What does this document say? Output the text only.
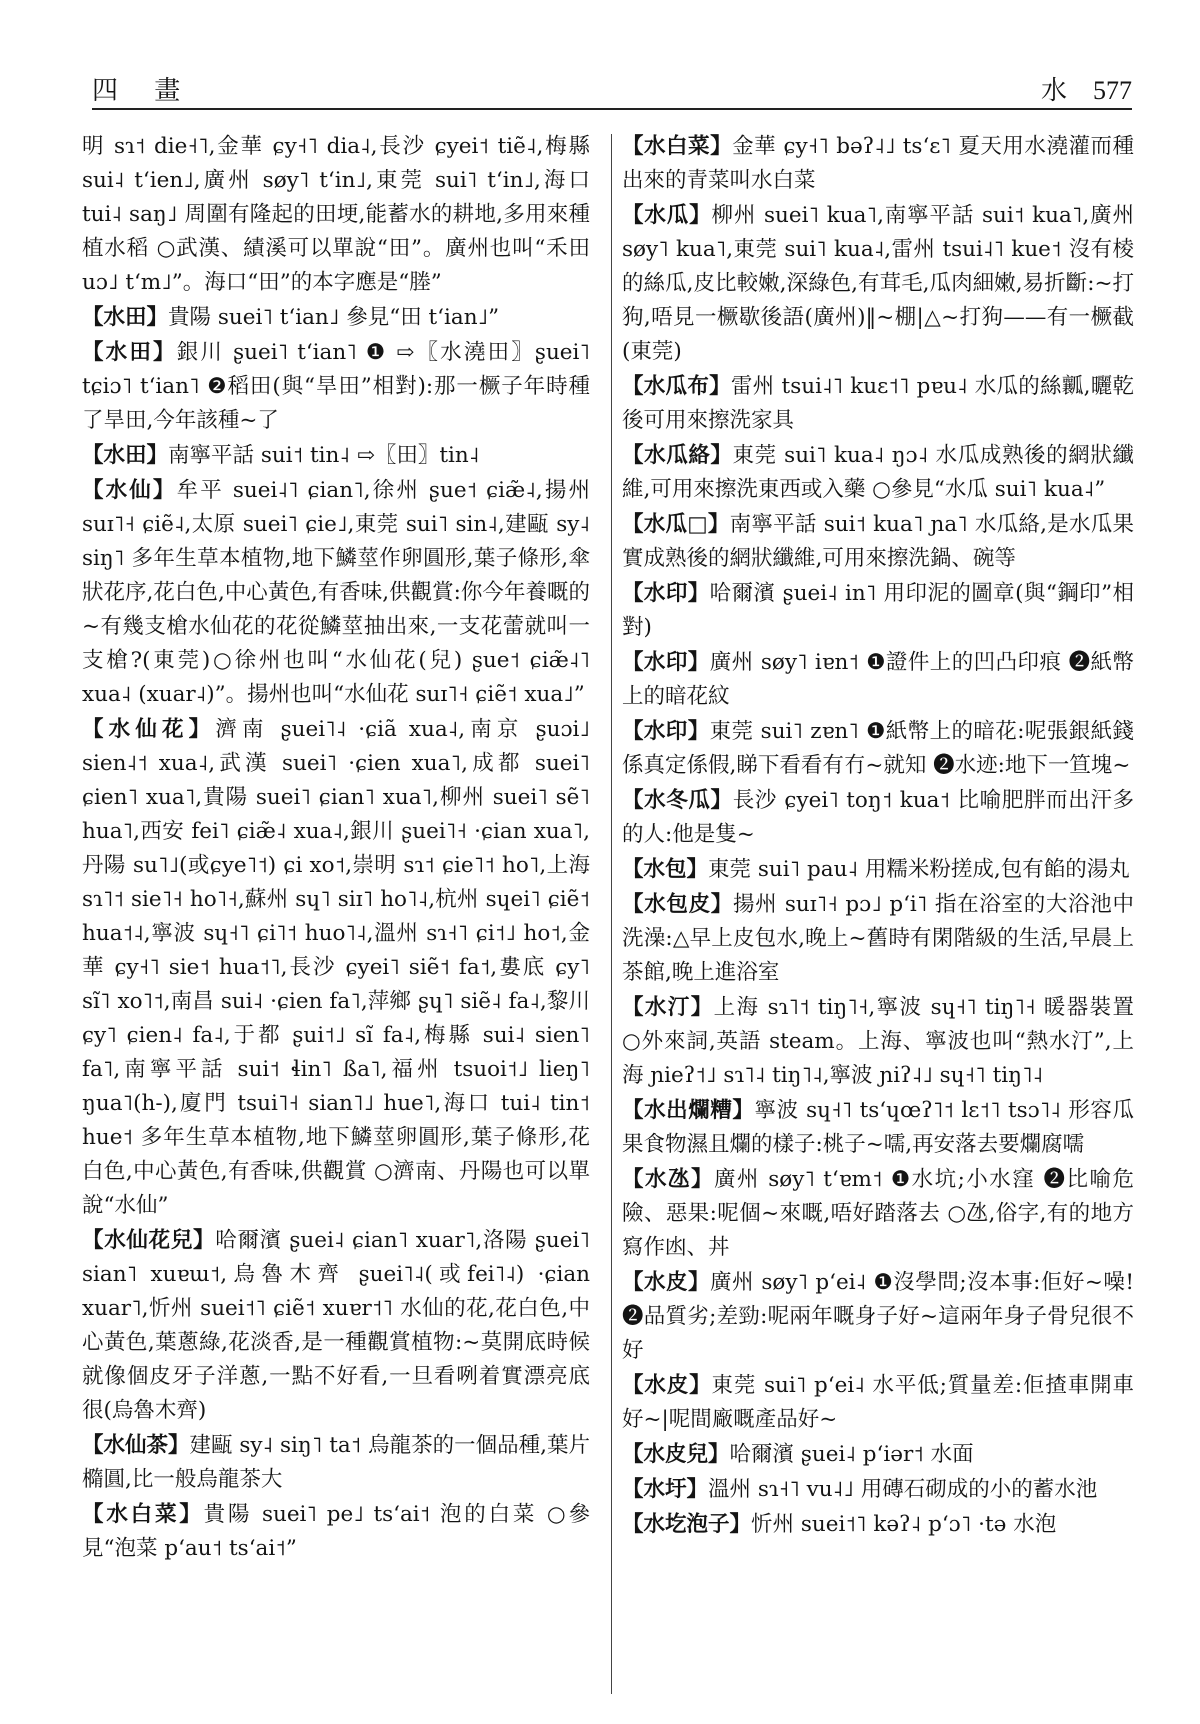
四 畫	水 577

明 sɿ˦ die˧˥,金華 ɕy˧˥ dia˨,長沙 ɕyei˦ tiẽ˨,梅縣 sui˨ tʻien˩,廣州 søy˥ tʻin˩,東莞 sui˥ tʻin˩,海口 tui˨ saŋ˩ 周圍有隆起的田埂,能蓄水的耕地,多用來種植水稻 ○武漢、績溪可以單說“田”。廣州也叫“禾田 uɔ˩ tʻm˩”。海口“田”的本字應是“塍”

【水田】貴陽 suei˥ tʻian˩ 參見“田 tʻian˩”

【水田】銀川 ʂuei˥ tʻian˥ ❶ ⇨〖水澆田〗ʂuei˥ tɕiɔ˥ tʻian˥ ❷稻田(與“旱田”相對):那一橛子年時種了旱田,今年該種~了

【水田】南寧平話 sui˦ tin˨ ⇨〖田〗tin˨

【水仙】牟平 suei˨˥ ɕian˥,徐州 ʂue˦ ɕiæ̃˨,揚州 suɪ˥˧ ɕiẽ˨,太原 suei˥ ɕie˩,東莞 sui˥ sin˨,建甌 sy˨ siŋ˥ 多年生草本植物,地下鱗莖作卵圓形,葉子條形,傘狀花序,花白色,中心黃色,有香味,供觀賞:你今年養嘅的~有幾支槍水仙花的花從鱗莖抽出來,一支花蕾就叫一支槍?(東莞)○徐州也叫“水仙花(兒) ʂue˦ ɕiæ̃˨˥ xua˨ (xuar˨)”。揚州也叫“水仙花 suɪ˥˧ ɕiẽ˦ xua˩”

【水仙花】濟南 ʂuei˥˨ ·ɕiã xua˨,南京 ʂuɔi˩ sien˨˦ xua˨,武漢 suei˥ ·ɕien xua˥,成都 suei˥ ɕien˥ xua˥,貴陽 suei˥ ɕian˥ xua˥,柳州 suei˥ sẽ˥ hua˥,西安 fei˥ ɕiæ̃˨ xua˨,銀川 ʂuei˥˧ ·ɕian xua˥,丹陽 su˥˩(或ɕye˥˦) ɕi xo˦,崇明 sɿ˦ ɕie˥˦ ho˥,上海 sɿ˥˦ sie˥˧ ho˥˧,蘇州 sɥ˥ siɪ˥ ho˥˨,杭州 sɥei˥ ɕiẽ˦ hua˦˨,寧波 sɥ˧˥ ɕi˥˦ huo˥˨,溫州 sɿ˧˥ ɕi˦˩ ho˦,金華 ɕy˧˥ sie˦ hua˦˥,長沙 ɕyei˥ siẽ˦ fa˦,婁底 ɕy˥ sĩ˥ xo˥˦,南昌 sui˨ ·ɕien fa˥,萍鄉 ʂɥ˥ siẽ˨ fa˨,黎川 ɕy˥ ɕien˨ fa˨,于都 ʂui˦˩ sĩ fa˨,梅縣 sui˨ sien˥ fa˥,南寧平話 sui˦ ɬin˥ ßa˥,福州 tsuoi˦˩ lieŋ˥ ŋua˥(h-),廈門 tsui˥˧ sian˥˩ hue˥,海口 tui˨ tin˦ hue˦ 多年生草本植物,地下鱗莖卵圓形,葉子條形,花白色,中心黃色,有香味,供觀賞 ○濟南、丹陽也可以單說“水仙”

【水仙花兒】哈爾濱 ʂuei˨ ɕian˥ xuar˥,洛陽 ʂuei˥ sian˥ xuɐɯ˦,烏魯木齊 ʂuei˥˨(或fei˥˨) ·ɕian xuar˥,忻州 suei˦˥ ɕiẽ˦ xuɐr˦˥ 水仙的花,花白色,中心黃色,葉蔥綠,花淡香,是一種觀賞植物:~莫開底時候就像個皮牙子洋蔥,一點不好看,一旦看咧着實漂亮底很(烏魯木齊)

【水仙茶】建甌 sy˨ siŋ˥ ta˦ 烏龍茶的一個品種,葉片橢圓,比一般烏龍茶大

【水白菜】貴陽 suei˥ pe˩ tsʻai˦ 泡的白菜 ○參見“泡菜 pʻau˦ tsʻai˦”

【水白菜】金華 ɕy˧˥ bəʔ˨˩ tsʻɛ˥ 夏天用水澆灌而種出來的青菜叫水白菜

【水瓜】柳州 suei˥ kua˥,南寧平話 sui˦ kua˥,廣州 søy˥ kua˥,東莞 sui˥ kua˨,雷州 tsui˨˥ kue˦ 沒有棱的絲瓜,皮比較嫩,深綠色,有茸毛,瓜肉細嫩,易折斷:~打狗,唔見一橛歇後語(廣州)‖~棚|△~打狗——有一橛截(東莞)

【水瓜布】雷州 tsui˨˥ kuɛ˦˥ pɐu˨ 水瓜的絲瓤,曬乾後可用來擦洗家具

【水瓜絡】東莞 sui˥ kua˨ ŋɔ˨ 水瓜成熟後的網狀纖維,可用來擦洗東西或入藥 ○參見“水瓜 sui˥ kua˨”

【水瓜□】南寧平話 sui˦ kua˥ ɲa˥ 水瓜絡,是水瓜果實成熟後的網狀纖維,可用來擦洗鍋、碗等

【水印】哈爾濱 ʂuei˨ in˥ 用印泥的圖章(與“鋼印”相對)

【水印】廣州 søy˥ iɐn˦ ❶證件上的凹凸印痕 ❷紙幣上的暗花紋

【水印】東莞 sui˥ zɐn˥ ❶紙幣上的暗花:呢張銀紙錢係真定係假,睇下看看有冇~就知 ❷水迹:地下一笪塊~

【水冬瓜】長沙 ɕyei˥ toŋ˦ kua˦ 比喻肥胖而出汗多的人:他是隻~

【水包】東莞 sui˥ pau˨ 用糯米粉搓成,包有餡的湯丸

【水包皮】揚州 suɪ˥˧ pɔ˩ pʻi˥ 指在浴室的大浴池中洗澡:△早上皮包水,晚上~舊時有閑階級的生活,早晨上茶館,晚上進浴室

【水汀】上海 sɿ˥˦ tiŋ˥˧,寧波 sɥ˧˥ tiŋ˥˧ 暖器裝置 ○外來詞,英語 steam。上海、寧波也叫“熱水汀”,上海 ɲieʔ˦˩ sɿ˥˨ tiŋ˥˨,寧波 ɲiʔ˨˩ sɥ˧˥ tiŋ˥˨

【水出爛糟】寧波 sɥ˧˥ tsʻɥœʔ˥˦ lɛ˦˥ tsɔ˥˨ 形容瓜果食物濕且爛的樣子:桃子~嚅,再安落去要爛腐嚅

【水氹】廣州 søy˥ tʻɐm˦ ❶水坑;小水窪 ❷比喻危險、惡果:呢個~來嘅,唔好踏落去 ○氹,俗字,有的地方寫作凼、丼

【水皮】廣州 søy˥ pʻei˨ ❶沒學問;沒本事:佢好~噪! ❷品質劣;差勁:呢兩年嘅身子好~這兩年身子骨兒很不好

【水皮】東莞 sui˥ pʻei˨ 水平低;質量差:佢揸車開車好~|呢間廠嘅產品好~

【水皮兒】哈爾濱 ʂuei˨ pʻiər˦ 水面

【水圩】溫州 sɿ˧˥ vu˨˩ 用磚石砌成的小的蓄水池

【水圪泡子】忻州 suei˦˥ kəʔ˨ pʻɔ˥ ·tə 水泡
